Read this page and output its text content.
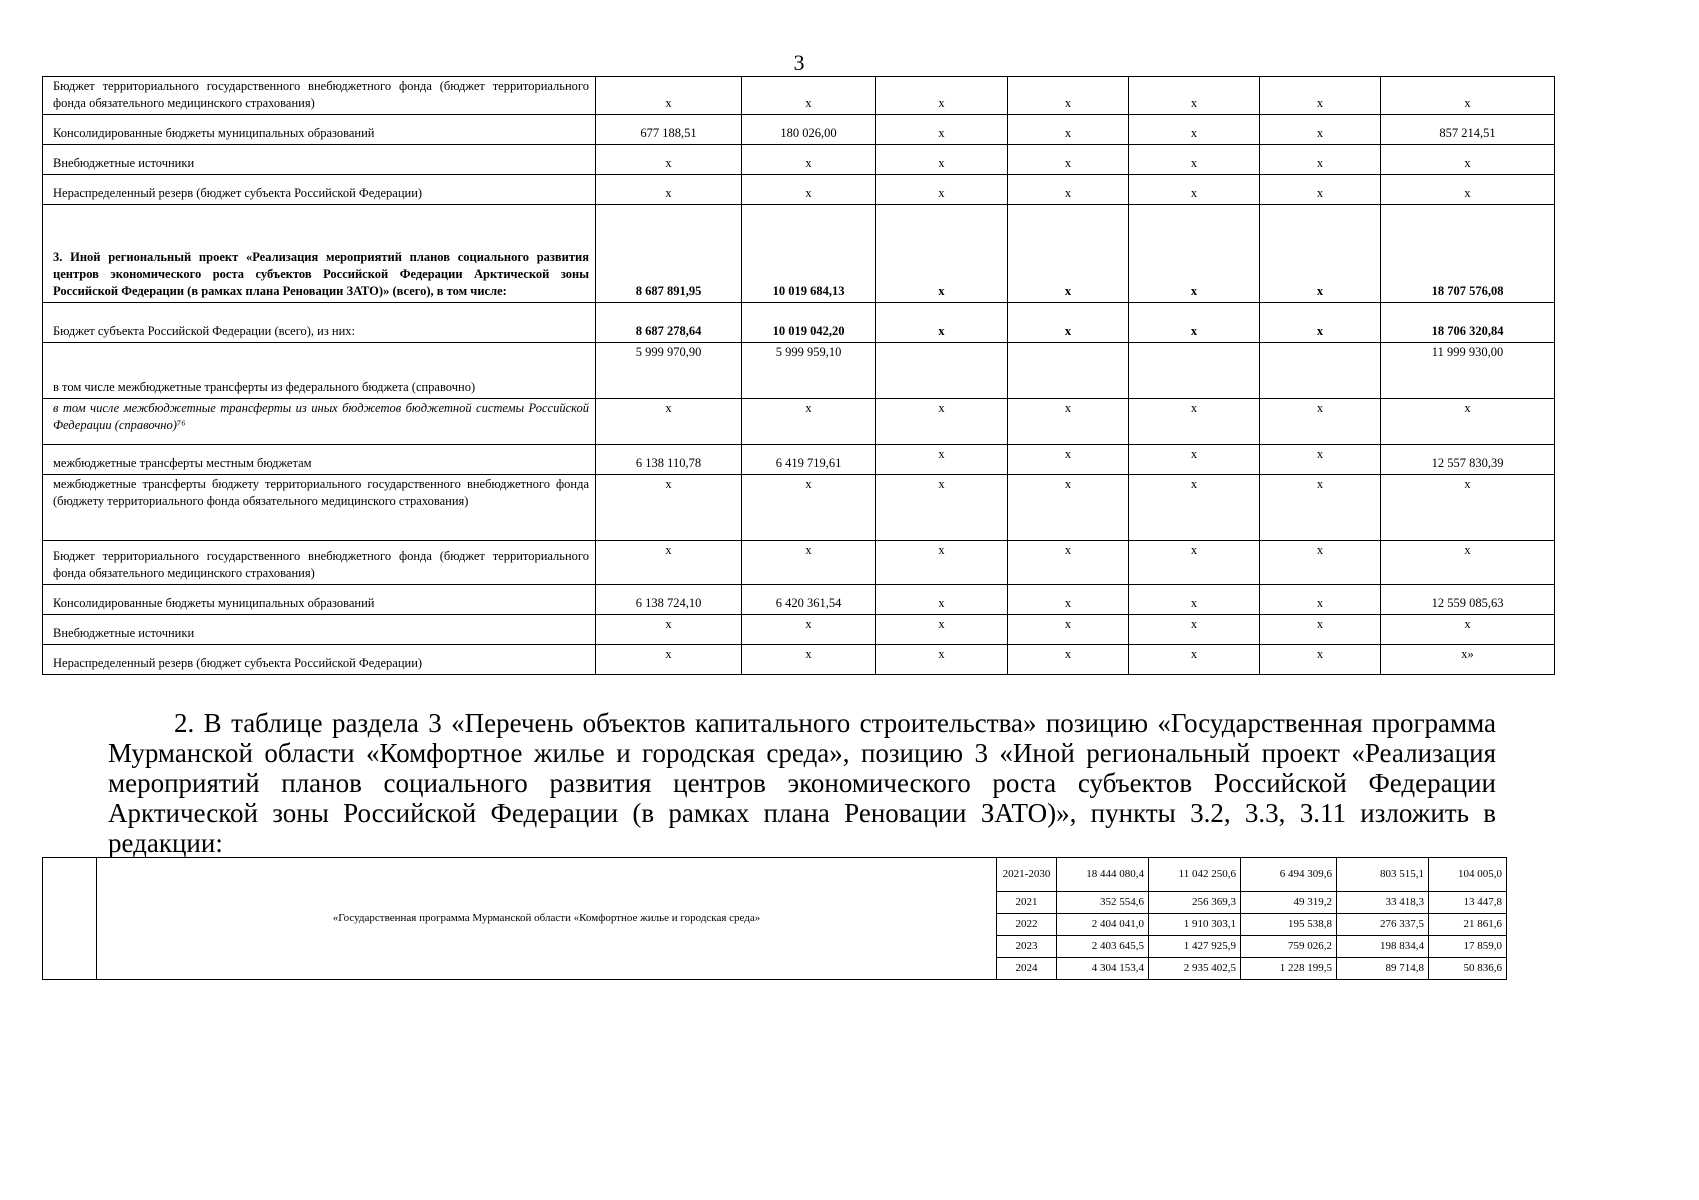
3
Бюджет территориального государственного внебюджетного фонда (бюджет территориального фонда обязательного медицинского страхования)	x	x	x	x	x	x	x
Консолидированные бюджеты муниципальных образований	677 188,51	180 026,00	x	x	x	x	857 214,51
Внебюджетные источники	x	x	x	x	x	x	x
Нераспределенный резерв (бюджет субъекта Российской Федерации)	x	x	x	x	x	x	x
3. Иной региональный проект «Реализация мероприятий планов социального развития центров экономического роста субъектов Российской Федерации Арктической зоны Российской Федерации (в рамках плана Реновации ЗАТО)» (всего), в том числе:	8 687 891,95	10 019 684,13	x	x	x	x	18 707 576,08
Бюджет субъекта Российской Федерации (всего), из них:	8 687 278,64	10 019 042,20	x	x	x	x	18 706 320,84
в том числе межбюджетные трансферты из федерального бюджета (справочно)	5 999 970,90	5 999 959,10					11 999 930,00
в том числе межбюджетные трансферты из иных бюджетов бюджетной системы Российской Федерации (справочно)⁷⁶	x	x	x	x	x	x	x
межбюджетные трансферты местным бюджетам	6 138 110,78	6 419 719,61	x	x	x	x	12 557 830,39
межбюджетные трансферты бюджету территориального государственного внебюджетного фонда (бюджету территориального фонда обязательного медицинского страхования)	x	x	x	x	x	x	x
Бюджет территориального государственного внебюджетного фонда (бюджет территориального фонда обязательного медицинского страхования)	x	x	x	x	x	x	x
Консолидированные бюджеты муниципальных образований	6 138 724,10	6 420 361,54	x	x	x	x	12 559 085,63
Внебюджетные источники	x	x	x	x	x	x	x
Нераспределенный резерв (бюджет субъекта Российской Федерации)	x	x	x	x	x	x	x»
2. В таблице раздела 3 «Перечень объектов капитального строительства» позицию «Государственная программа Мурманской области «Комфортное жилье и городская среда», позицию 3 «Иной региональный проект «Реализация мероприятий планов социального развития центров экономического роста субъектов Российской Федерации Арктической зоны Российской Федерации (в рамках плана Реновации ЗАТО)», пункты 3.2, 3.3, 3.11 изложить в редакции:
	«Государственная программа Мурманской области «Комфортное жилье и городская среда»	2021-2030	18 444 080,4	11 042 250,6	6 494 309,6	803 515,1	104 005,0
		2021	352 554,6	256 369,3	49 319,2	33 418,3	13 447,8
		2022	2 404 041,0	1 910 303,1	195 538,8	276 337,5	21 861,6
		2023	2 403 645,5	1 427 925,9	759 026,2	198 834,4	17 859,0
		2024	4 304 153,4	2 935 402,5	1 228 199,5	89 714,8	50 836,6
